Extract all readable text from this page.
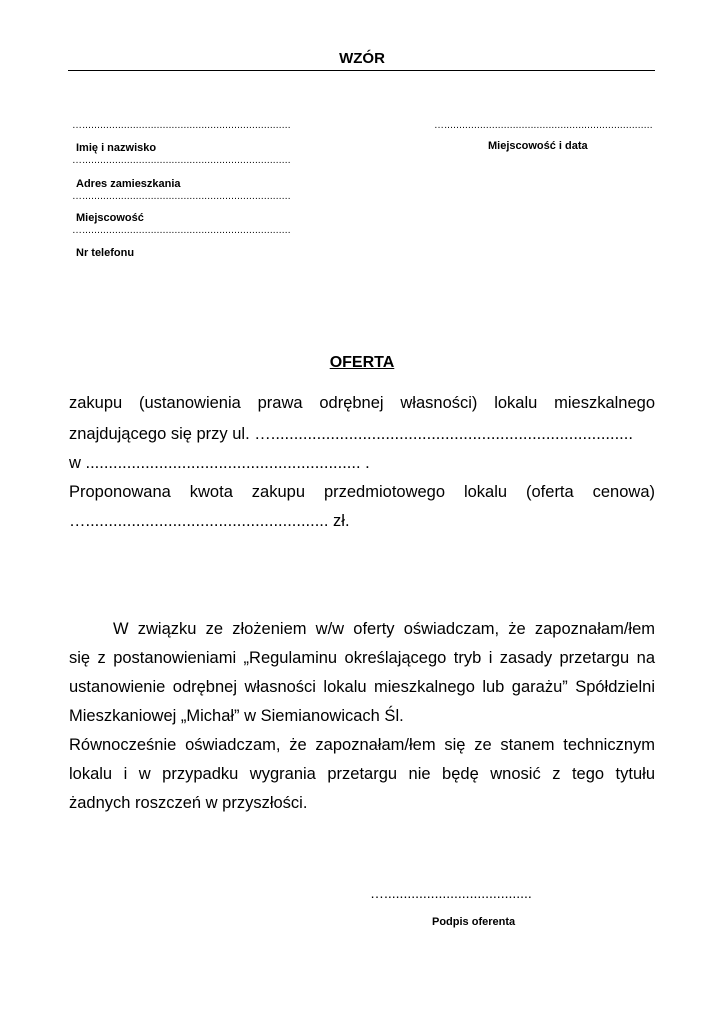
WZÓR
…......................................................................
Imię i nazwisko
…......................................................................
Adres zamieszkania
…......................................................................
Miejscowość
…......................................................................
Nr telefonu
…......................................................................
Miejscowość i data
OFERTA
zakupu (ustanowienia prawa odrębnej własności) lokalu mieszkalnego
znajdującego się przy ul. …...............................................................................
w ............................................................ .
Proponowana kwota zakupu przedmiotowego lokalu (oferta cenowa)
…..................................................... zł.
W związku ze złożeniem w/w oferty oświadczam, że zapoznałam/łem
się z postanowieniami „Regulaminu określającego tryb i zasady przetargu na
ustanowienie odrębnej własności lokalu mieszkalnego lub garażu” Spółdzielni
Mieszkaniowej „Michał” w Siemianowicach Śl.
Równocześnie oświadczam, że zapoznałam/łem się ze stanem technicznym
lokalu i w przypadku wygrania przetargu nie będę wnosić z tego tytułu
żadnych roszczeń w przyszłości.
…......................................
Podpis oferenta
